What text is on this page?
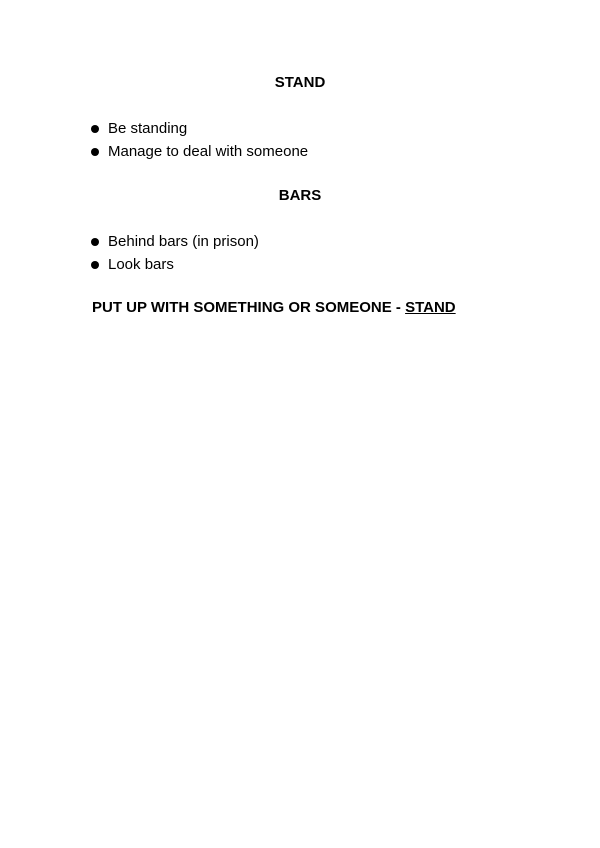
STAND
Be standing
Manage to deal with someone
BARS
Behind bars (in prison)
Look bars

PUT UP WITH SOMETHING OR SOMEONE - STAND
